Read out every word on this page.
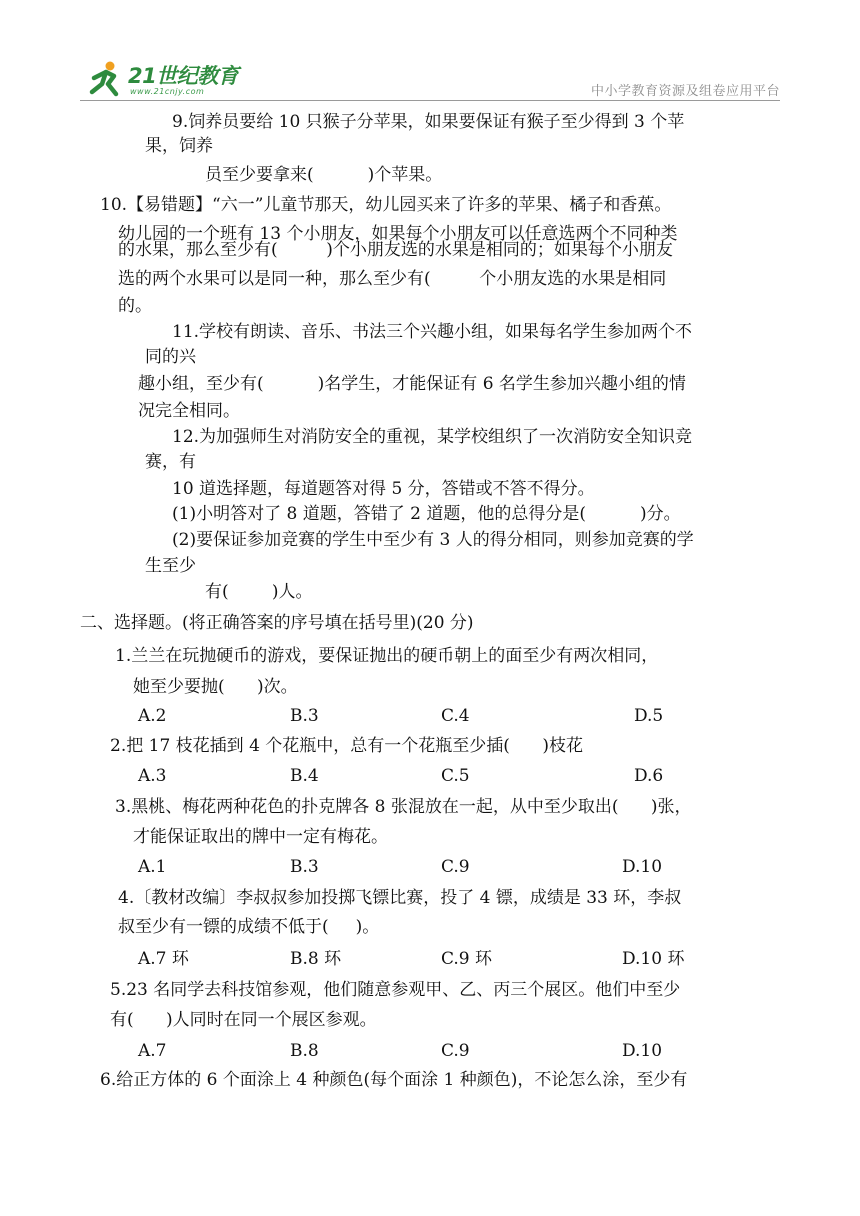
21世纪教育
www.21cnjy.com	中小学教育资源及组卷应用平台
9.饲养员要给 10 只猴子分苹果，如果要保证有猴子至少得到 3 个苹
果，饲养
员至少要拿来(          )个苹果。
10.【易错题】“六一”儿童节那天，幼儿园买来了许多的苹果、橘子和香蕉。
幼儿园的一个班有 13 个小朋友，如果每个小朋友可以任意选两个不同种类
的水果，那么至少有(         )个小朋友选的水果是相同的；如果每个小朋友
选的两个水果可以是同一种，那么至少有(         个小朋友选的水果是相同
的。
11.学校有朗读、音乐、书法三个兴趣小组，如果每名学生参加两个不
同的兴
趣小组，至少有(          )名学生，才能保证有 6 名学生参加兴趣小组的情
况完全相同。
12.为加强师生对消防安全的重视，某学校组织了一次消防安全知识竞
赛，有
10 道选择题，每道题答对得 5 分，答错或不答不得分。
(1)小明答对了 8 道题，答错了 2 道题，他的总得分是(          )分。
(2)要保证参加竞赛的学生中至少有 3 人的得分相同，则参加竞赛的学
生至少
有(        )人。
二、选择题。(将正确答案的序号填在括号里)(20 分)
1.兰兰在玩抛硬币的游戏，要保证抛出的硬币朝上的面至少有两次相同，
她至少要抛(      )次。
A.2	B.3	C.4	D.5
2.把 17 枝花插到 4 个花瓶中，总有一个花瓶至少插(      )枝花
A.3	B.4	C.5	D.6
3.黑桃、梅花两种花色的扑克牌各 8 张混放在一起，从中至少取出(      )张，
才能保证取出的牌中一定有梅花。
A.1	B.3	C.9	D.10
4.〔教材改编〕李叔叔参加投掷飞镖比赛，投了 4 镖，成绩是 33 环，李叔
叔至少有一镖的成绩不低于(     )。
A.7 环	B.8 环	C.9 环	D.10 环
5.23 名同学去科技馆参观，他们随意参观甲、乙、丙三个展区。他们中至少
有(      )人同时在同一个展区参观。
A.7	B.8	C.9	D.10
6.给正方体的 6 个面涂上 4 种颜色(每个面涂 1 种颜色)，不论怎么涂，至少有
